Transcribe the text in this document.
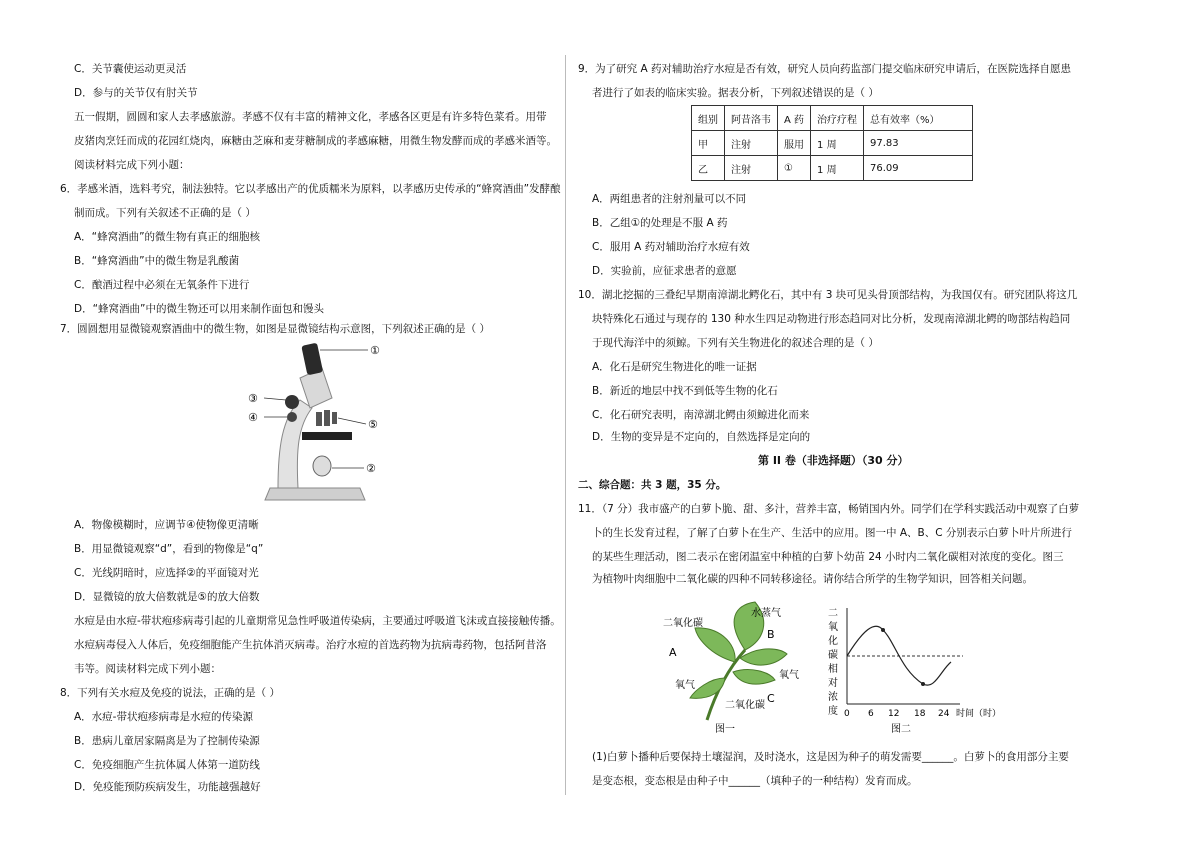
C．关节囊使运动更灵活
D．参与的关节仅有肘关节
五一假期，圆圆和家人去孝感旅游。孝感不仅有丰富的精神文化，孝感各区更是有许多特色菜肴。用带
皮猪肉烹饪而成的花园红烧肉，麻糖由芝麻和麦芽糖制成的孝感麻糖，用微生物发酵而成的孝感米酒等。
阅读材料完成下列小题：
6．孝感米酒，选料考究，制法独特。它以孝感出产的优质糯米为原料，以孝感历史传承的“蜂窝酒曲”发酵酿
制而成。下列有关叙述不正确的是（ ）
A．“蜂窝酒曲”的微生物有真正的细胞核
B．“蜂窝酒曲”中的微生物是乳酸菌
C．酿酒过程中必须在无氧条件下进行
D．“蜂窝酒曲”中的微生物还可以用来制作面包和馒头
7．圆圆想用显微镜观察酒曲中的微生物，如图是显微镜结构示意图，下列叙述正确的是（ ）
①
②
③
④
⑤
A．物像模糊时，应调节④使物像更清晰
B．用显微镜观察“d”，看到的物像是“q”
C．光线阴暗时，应选择②的平面镜对光
D．显微镜的放大倍数就是⑤的放大倍数
水痘是由水痘-带状疱疹病毒引起的儿童期常见急性呼吸道传染病，主要通过呼吸道飞沫或直接接触传播。
水痘病毒侵入人体后，免疫细胞能产生抗体消灭病毒。治疗水痘的首选药物为抗病毒药物，包括阿昔洛
韦等。阅读材料完成下列小题：
8．下列有关水痘及免疫的说法，正确的是（ ）
A．水痘-带状疱疹病毒是水痘的传染源
B．患病儿童居家隔离是为了控制传染源
C．免疫细胞产生抗体属人体第一道防线
D．免疫能预防疾病发生，功能越强越好
9．为了研究 A 药对辅助治疗水痘是否有效，研究人员向药监部门提交临床研究申请后，在医院选择自愿患
者进行了如表的临床实验。据表分析，下列叙述错误的是（ ）
组别	阿昔洛韦	A 药	治疗疗程	总有效率（%）
甲	注射	服用	1 周	97.83
乙	注射	①	1 周	76.09
A．两组患者的注射剂量可以不同
B．乙组①的处理是不服 A 药
C．服用 A 药对辅助治疗水痘有效
D．实验前，应征求患者的意愿
10．湖北挖掘的三叠纪早期南漳湖北鳄化石，其中有 3 块可见头骨顶部结构，为我国仅有。研究团队将这几
块特殊化石通过与现存的 130 种水生四足动物进行形态趋同对比分析，发现南漳湖北鳄的吻部结构趋同
于现代海洋中的须鲸。下列有关生物进化的叙述合理的是（ ）
A．化石是研究生物进化的唯一证据
B．新近的地层中找不到低等生物的化石
C．化石研究表明，南漳湖北鳄由须鲸进化而来
D．生物的变异是不定向的，自然选择是定向的
第 II 卷（非选择题）（30 分）
二、综合题：共 3 题，35 分。
11．（7 分）我市盛产的白萝卜脆、甜、多汁，营养丰富，畅销国内外。同学们在学科实践活动中观察了白萝
卜的生长发育过程，了解了白萝卜在生产、生活中的应用。图一中 A、B、C 分别表示白萝卜叶片所进行
的某些生理活动，图二表示在密闭温室中种植的白萝卜幼苗 24 小时内二氧化碳相对浓度的变化。图三
为植物叶肉细胞中二氧化碳的四种不同转移途径。请你结合所学的生物学知识，回答相关问题。
二氧化碳
水蒸气
A
B
C
氧气
氧气
二氧化碳
图一
二
氧
化
碳
相
对
浓
度 0 6 12 18 24 时间（时）
图二
(1)白萝卜播种后要保持土壤湿润，及时浇水，这是因为种子的萌发需要______。白萝卜的食用部分主要
是变态根，变态根是由种子中______（填种子的一种结构）发育而成。
